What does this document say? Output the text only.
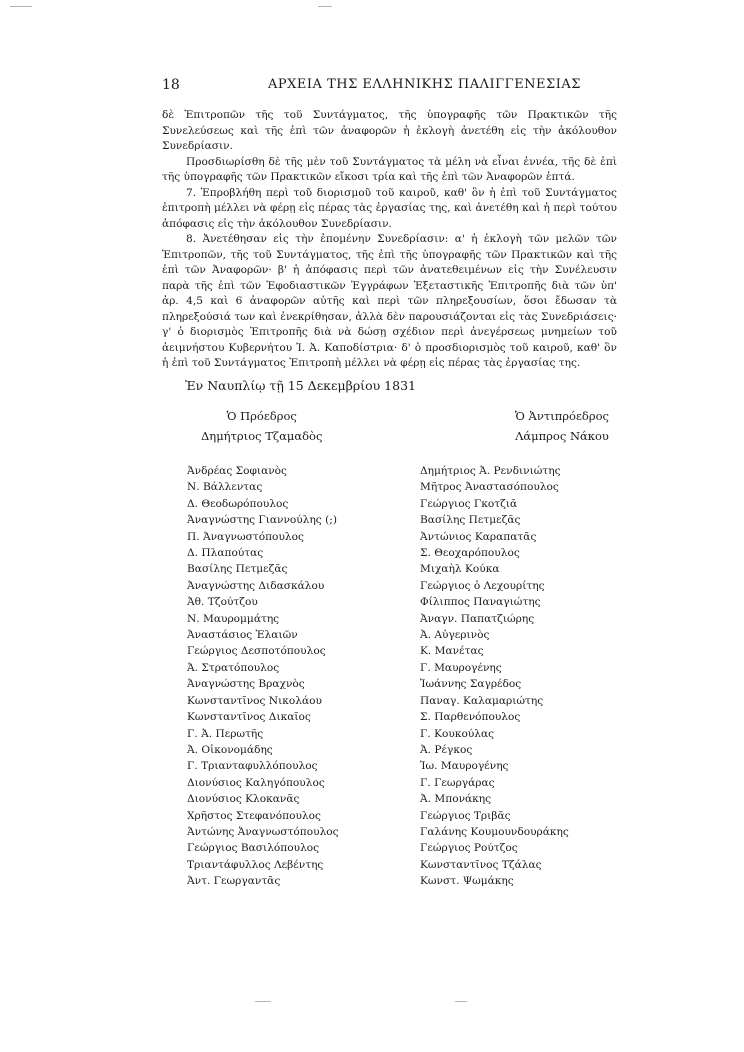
18	ΑΡΧΕΙΑ ΤΗΣ ΕΛΛΗΝΙΚΗΣ ΠΑΛΙΓΓΕΝΕΣΙΑΣ

δὲ Ἐπιτροπῶν τῆς τοῦ Συντάγματος, τῆς ὑπογραφῆς τῶν Πρακτικῶν τῆς Συνελεύσεως καὶ τῆς ἐπὶ τῶν ἀναφορῶν ἡ ἐκλογὴ ἀνετέθη εἰς τὴν ἀκόλουθον Συνεδρίασιν.

Προσδιωρίσθη δὲ τῆς μὲν τοῦ Συντάγματος τὰ μέλη νὰ εἶναι ἐννέα, τῆς δὲ ἐπὶ τῆς ὑπογραφῆς τῶν Πρακτικῶν εἴκοσι τρία καὶ τῆς ἐπὶ τῶν Ἀναφορῶν ἑπτά.

7. Ἐπροβλήθη περὶ τοῦ διορισμοῦ τοῦ καιροῦ, καθ' ὃν ἡ ἐπὶ τοῦ Συντάγματος ἐπιτροπὴ μέλλει νὰ φέρῃ εἰς πέρας τὰς ἐργασίας της, καὶ ἀνετέθη καὶ ἡ περὶ τούτου ἀπόφασις εἰς τὴν ἀκόλουθον Συνεδρίασιν.

8. Ἀνετέθησαν εἰς τὴν ἐπομένην Συνεδρίασιν: α' ἡ ἐκλογὴ τῶν μελῶν τῶν Ἐπιτροπῶν, τῆς τοῦ Συντάγματος, τῆς ἐπὶ τῆς ὑπογραφῆς τῶν Πρακτικῶν καὶ τῆς ἐπὶ τῶν Ἀναφορῶν· β' ἡ ἀπόφασις περὶ τῶν ἀνατεθειμένων εἰς τὴν Συνέλευσιν παρὰ τῆς ἐπὶ τῶν Ἐφοδιαστικῶν Ἐγγράφων Ἐξεταστικῆς Ἐπιτροπῆς διὰ τῶν ὑπ' ἀρ. 4,5 καὶ 6 ἀναφορῶν αὐτῆς καὶ περὶ τῶν πληρεξουσίων, ὅσοι ἔδωσαν τὰ πληρεξούσιά των καὶ ἐνεκρίθησαν, ἀλλὰ δὲν παρουσιάζονται εἰς τὰς Συνεδριάσεις· γ' ὁ διορισμὸς Ἐπιτροπῆς διὰ νὰ δώσῃ σχέδιον περὶ ἀνεγέρσεως μνημείων τοῦ ἀειμνήστου Κυβερνήτου Ἰ. Ἀ. Καποδίστρια· δ' ὁ προσδιορισμὸς τοῦ καιροῦ, καθ' ὃν ἡ ἐπὶ τοῦ Συντάγματος Ἐπιτροπὴ μέλλει νὰ φέρῃ εἰς πέρας τὰς ἐργασίας της.

Ἐν Ναυπλίῳ τῇ 15 Δεκεμβρίου 1831
Ὁ Πρόεδρος
Δημήτριος Τζαμαδὸς
Ὁ Ἀντιπρόεδρος
Λάμπρος Νάκου
Ἀνδρέας Σοφιανὸς
Ν. Βάλλεντας
Δ. Θεοδωρόπουλος
Ἀναγνώστης Γιαννούλης (;)
Π. Ἀναγνωστόπουλος
Δ. Πλαπούτας
Βασίλης Πετμεζᾶς
Ἀναγνώστης Διδασκάλου
Ἀθ. Τζούτζου
Ν. Μαυρομμάτης
Ἀναστάσιος Ἐλαιῶν
Γεώργιος Δεσποτόπουλος
Ἀ. Στρατόπουλος
Ἀναγνώστης Βραχνὸς
Κωνσταντῖνος Νικολάου
Κωνσταντῖνος Δικαῖος
Γ. Ἀ. Περωτῆς
Ἀ. Οἰκονομάδης
Γ. Τριανταφυλλόπουλος
Διονύσιος Καληγόπουλος
Διονύσιος Κλοκανᾶς
Χρῆστος Στεφανόπουλος
Ἀντώνης Ἀναγνωστόπουλος
Γεώργιος Βασιλόπουλος
Τριαντάφυλλος Λεβέντης
Ἀντ. Γεωργαντᾶς
Δημήτριος Ἀ. Ρενδινιώτης
Μῆτρος Ἀναστασόπουλος
Γεώργιος Γκοτζιᾶ
Βασίλης Πετμεζᾶς
Ἀντώνιος Καραπατᾶς
Σ. Θεοχαρόπουλος
Μιχαὴλ Κούκα
Γεώργιος ὁ Λεχουρίτης
Φίλιππος Παναγιώτης
Ἀναγν. Παπατζιώρης
Ἀ. Αὐγερινὸς
Κ. Μανέτας
Γ. Μαυρογένης
Ἰωάννης Σαγρέδος
Παναγ. Καλαμαριώτης
Σ. Παρθενόπουλος
Γ. Κουκούλας
Ἀ. Ρέγκος
Ἰω. Μαυρογένης
Γ. Γεωργάρας
Ἀ. Μπονάκης
Γεώργιος Τριβᾶς
Γαλάνης Κουμουνδουράκης
Γεώργιος Ρούτζος
Κωνσταντῖνος Τζάλας
Κωνστ. Ψωμάκης
